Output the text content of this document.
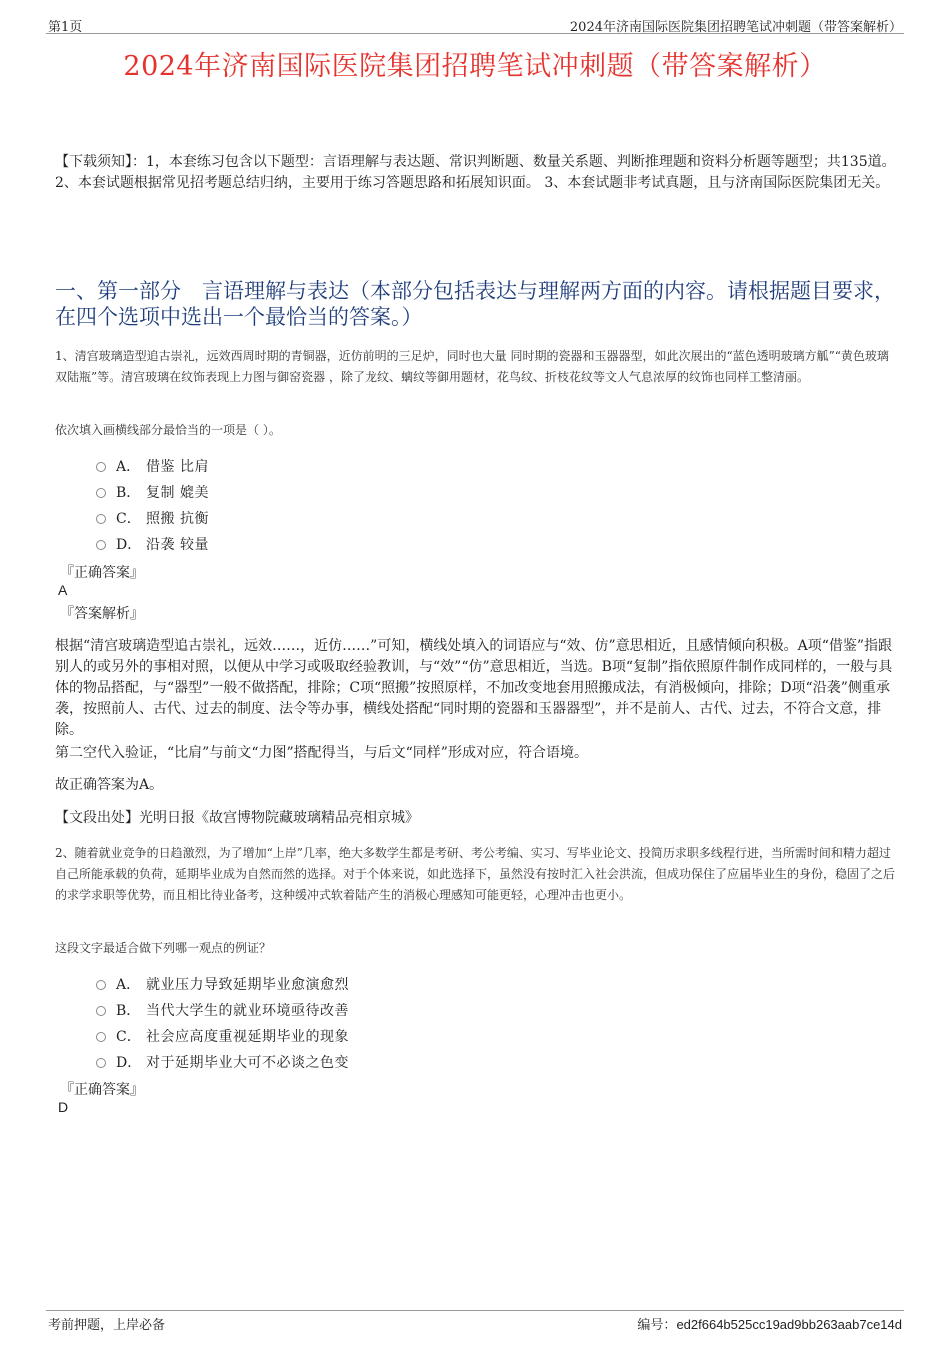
第1页	2024年济南国际医院集团招聘笔试冲刺题（带答案解析）
2024年济南国际医院集团招聘笔试冲刺题（带答案解析）
【下载须知】：1，本套练习包含以下题型：言语理解与表达题、常识判断题、数量关系题、判断推理题和资料分析题等题型；共135道。 2、本套试题根据常见招考题总结归纳，主要用于练习答题思路和拓展知识面。 3、本套试题非考试真题，且与济南国际医院集团无关。
一、第一部分　言语理解与表达（本部分包括表达与理解两方面的内容。请根据题目要求，在四个选项中选出一个最恰当的答案。）
1、清宫玻璃造型追古崇礼，远效西周时期的青铜器，近仿前明的三足炉，同时也大量 同时期的瓷器和玉器器型，如此次展出的“蓝色透明玻璃方觚”“黄色玻璃双陆瓶”等。清宫玻璃在纹饰表现上力图与御窑瓷器 ，除了龙纹、螭纹等御用题材，花鸟纹、折枝花纹等文人气息浓厚的纹饰也同样工整清丽。
依次填入画横线部分最恰当的一项是（ ）。
A． 借鉴 比肩
B． 复制 媲美
C． 照搬 抗衡
D． 沿袭 较量
『正确答案』
A
『答案解析』
根据“清宫玻璃造型追古崇礼，远效……，近仿……”可知，横线处填入的词语应与“效、仿”意思相近，且感情倾向积极。A项“借鉴”指跟别人的或另外的事相对照，以便从中学习或吸取经验教训，与“效”“仿”意思相近，当选。B项“复制”指依照原件制作成同样的，一般与具体的物品搭配，与“器型”一般不做搭配，排除；C项“照搬”按照原样，不加改变地套用照搬成法，有消极倾向，排除；D项“沿袭”侧重承袭，按照前人、古代、过去的制度、法令等办事，横线处搭配“同时期的瓷器和玉器器型”，并不是前人、古代、过去，不符合文意，排除。
第二空代入验证，“比肩”与前文“力图”搭配得当，与后文“同样”形成对应，符合语境。
故正确答案为A。
【文段出处】光明日报《故宫博物院藏玻璃精品亮相京城》
2、随着就业竞争的日趋激烈，为了增加“上岸”几率，绝大多数学生都是考研、考公考编、实习、写毕业论文、投简历求职多线程行进，当所需时间和精力超过自己所能承载的负荷，延期毕业成为自然而然的选择。对于个体来说，如此选择下，虽然没有按时汇入社会洪流，但成功保住了应届毕业生的身份，稳固了之后的求学求职等优势，而且相比待业备考，这种缓冲式软着陆产生的消极心理感知可能更轻，心理冲击也更小。
这段文字最适合做下列哪一观点的例证？
A． 就业压力导致延期毕业愈演愈烈
B． 当代大学生的就业环境亟待改善
C． 社会应高度重视延期毕业的现象
D． 对于延期毕业大可不必谈之色变
『正确答案』
D
考前押题，上岸必备	编号：ed2f664b525cc19ad9bb263aab7ce14d
